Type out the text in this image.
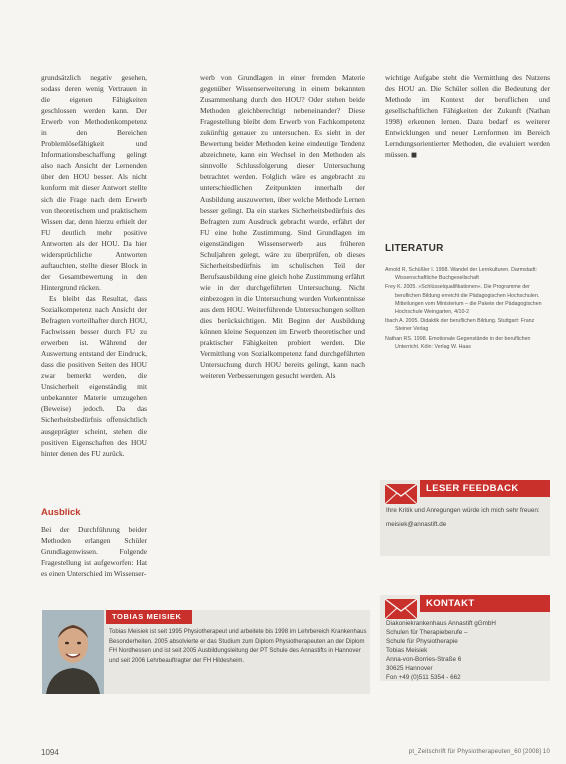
grundsätzlich negativ gesehen, sodass deren wenig Vertrauen in die eigenen Fähigkeiten geschlossen werden kann. Der Erwerb von Methodenkompetenz in den Bereichen Problemlösefähigkeit und Informationsbeschaffung gelingt also nach Ansicht der Lernenden über den HOU besser. Als nicht konform mit dieser Antwort stellte sich die Frage nach dem Erwerb von theoretischem und praktischem Wissen dar, denn hierzu erhielt der FU deutlich mehr positive Antworten als der HOU. Da hier widersprüchliche Antworten auftauchten, stellte dieser Block in der Gesamtbewertung in den Hintergrund rücken.

Es bleibt das Resultat, dass Sozialkompetenz nach Ansicht der Befragten vorteilhafter durch HOU, Fachwissen besser durch FU zu erwerben ist. Während der Auswertung entstand der Eindruck, dass die positiven Seiten des HOU zwar bemerkt werden, die Unsicherheit eigenständig mit unbekannter Materie umzugehen (Beweise) jedoch. Da das Sicherheitsbedürfnis offensichtlich ausgeprägter scheint, stehen die positiven Eigenschaften des HOU hinter denen des FU zurück.

Ausblick

Bei der Durchführung beider Methoden erlangen Schüler Grundlagenwissen. Folgende Fragestellung ist aufgeworfen: Hat es einen Unterschied im Wissenser-

werb von Grundlagen in einer fremden Materie gegenüber Wissenserweiterung in einem bekannten Zusammenhang durch den HOU? Oder stehen beide Methoden gleichberechtigt nebeneinander? Diese Fragestellung bleibt dem Erwerb von Fachkompetenz zukünftig genauer zu untersuchen. Es sieht in der Bewertung beider Methoden keine eindeutige Tendenz abzeichnete, kann ein Wechsel in den Methoden als sinnvolle Schlussfolgerung dieser Untersuchung betrachtet werden. Folglich wäre es angebracht zu unterschiedlichen Zeitpunkten innerhalb der Ausbildung auszuwerten, über welche Methode Lernen besser gelingt. Da ein starkes Sicherheitsbedürfnis des Befragten zum Ausdruck gebracht wurde, erfährt der FU eine hohe Zustimmung. Sind Grundlagen im eigenständigen Wissenserwerb aus früheren Schuljahren gelegt, wäre zu überprüfen, ob dieses Sicherheitsbedürfnis im schulischen Teil der Berufsausbildung eine gleich hohe Zustimmung erfährt wie in der durchgeführten Untersuchung. Nicht einbezogen in die Untersuchung wurden Vorkenntnisse aus dem HOU. Weiterführende Untersuchungen sollten dies berücksichtigen. Mit Beginn der Ausbildung können kleine Sequenzen im Erwerb theoretischer und praktischer Fähigkeiten probiert werden. Die Vermittlung von Sozialkompetenz fand durchgeführten Untersuchung durch HOU bereits gelingt, kann nach weiteren Verbesserungen gesucht werden. Als

wichtige Aufgabe steht die Vermittlung des Nutzens des HOU an. Die Schüler sollen die Bedeutung der Methode im Kontext der beruflichen und gesellschaftlichen Fähigkeiten der Zukunft (Nathan 1998) erkennen lernen. Dazu bedarf es weiterer Entwicklungen und neuer Lernformen im Bereich Lerndungsorientierter Methoden, die evaluiert werden müssen. ◼

LITERATUR
Arnold R, Schüßler I. 1998. Wandel der Lernkulturen. Darmstadt: Wissenschaftliche Buchgesellschaft
Frey K. 2005. »Schlüsselqualifikationen«. Die Programme der beruflichen Bildung erreicht die Pädagogischen Hochschulen. Mitteilungen vom Ministerium – die Pakete der Pädagogischen Hochschule Weingarten, 4/10-2
Ibach A. 2005. Didaktik der beruflichen Bildung. Stuttgart: Franz Steiner Verlag
Nathan RS. 1998. Emotionale Gegenstände in der beruflichen Unterricht. Köln: Verlag W. Haas
LESER FEEDBACK
Ihre Kritik und Anregungen würde ich mich sehr freuen:
meisiek@annastift.de
KONTAKT
Diakoniekrankenhaus Annastift gGmbH
Schulen für Therapieberufe –
Schule für Physiotherapie
Tobias Meisiek
Anna-von-Borries-Straße 6
30625 Hannover
Fon +49 (0)511 5354 - 662
TOBIAS MEISIEK
Tobias Meisiek ist seit 1995 Physiotherapeut und arbeitete bis 1998 im Lehrbereich Krankenhaus Besonderheiten. 2005 absolvierte er das Studium zum Diplom Physiotherapeuten an der Diplom FH Nordhessen und ist seit 2005 Ausbildungsleitung der PT Schule des Annastifts in Hannover und seit 2006 Lehrbeauftragter der FH Hildesheim.
1094	pt_Zeitschrift für Physiotherapeuten_60 [2008] 10
